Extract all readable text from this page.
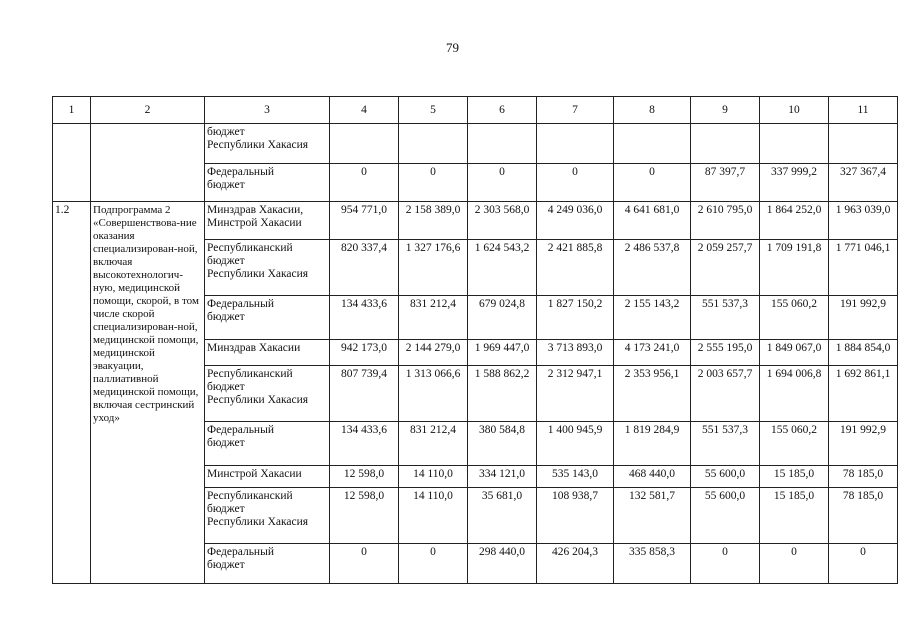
79
1	2	3	4	5	6	7	8	9	10	11
		бюджет
Республики Хакасия								
		Федеральный
бюджет	0	0	0	0	0	87 397,7	337 999,2	327 367,4
1.2	Подпрограмма 2 «Совершенствова-ние оказания специализирован-ной, включая высокотехнологич-ную, медицинской помощи, скорой, в том числе скорой специализирован-ной, медицинской помощи, медицинской эвакуации, паллиативной медицинской помощи, включая сестринский уход»	Минздрав Хакасии,
Минстрой Хакасии	954 771,0	2 158 389,0	2 303 568,0	4 249 036,0	4 641 681,0	2 610 795,0	1 864 252,0	1 963 039,0
		Республиканский
бюджет
Республики Хакасия	820 337,4	1 327 176,6	1 624 543,2	2 421 885,8	2 486 537,8	2 059 257,7	1 709 191,8	1 771 046,1
		Федеральный
бюджет	134 433,6	831 212,4	679 024,8	1 827 150,2	2 155 143,2	551 537,3	155 060,2	191 992,9
		Минздрав Хакасии	942 173,0	2 144 279,0	1 969 447,0	3 713 893,0	4 173 241,0	2 555 195,0	1 849 067,0	1 884 854,0
		Республиканский
бюджет
Республики Хакасия	807 739,4	1 313 066,6	1 588 862,2	2 312 947,1	2 353 956,1	2 003 657,7	1 694 006,8	1 692 861,1
		Федеральный
бюджет	134 433,6	831 212,4	380 584,8	1 400 945,9	1 819 284,9	551 537,3	155 060,2	191 992,9
		Минстрой Хакасии	12 598,0	14 110,0	334 121,0	535 143,0	468 440,0	55 600,0	15 185,0	78 185,0
		Республиканский
бюджет
Республики Хакасия	12 598,0	14 110,0	35 681,0	108 938,7	132 581,7	55 600,0	15 185,0	78 185,0
		Федеральный
бюджет	0	0	298 440,0	426 204,3	335 858,3	0	0	0
